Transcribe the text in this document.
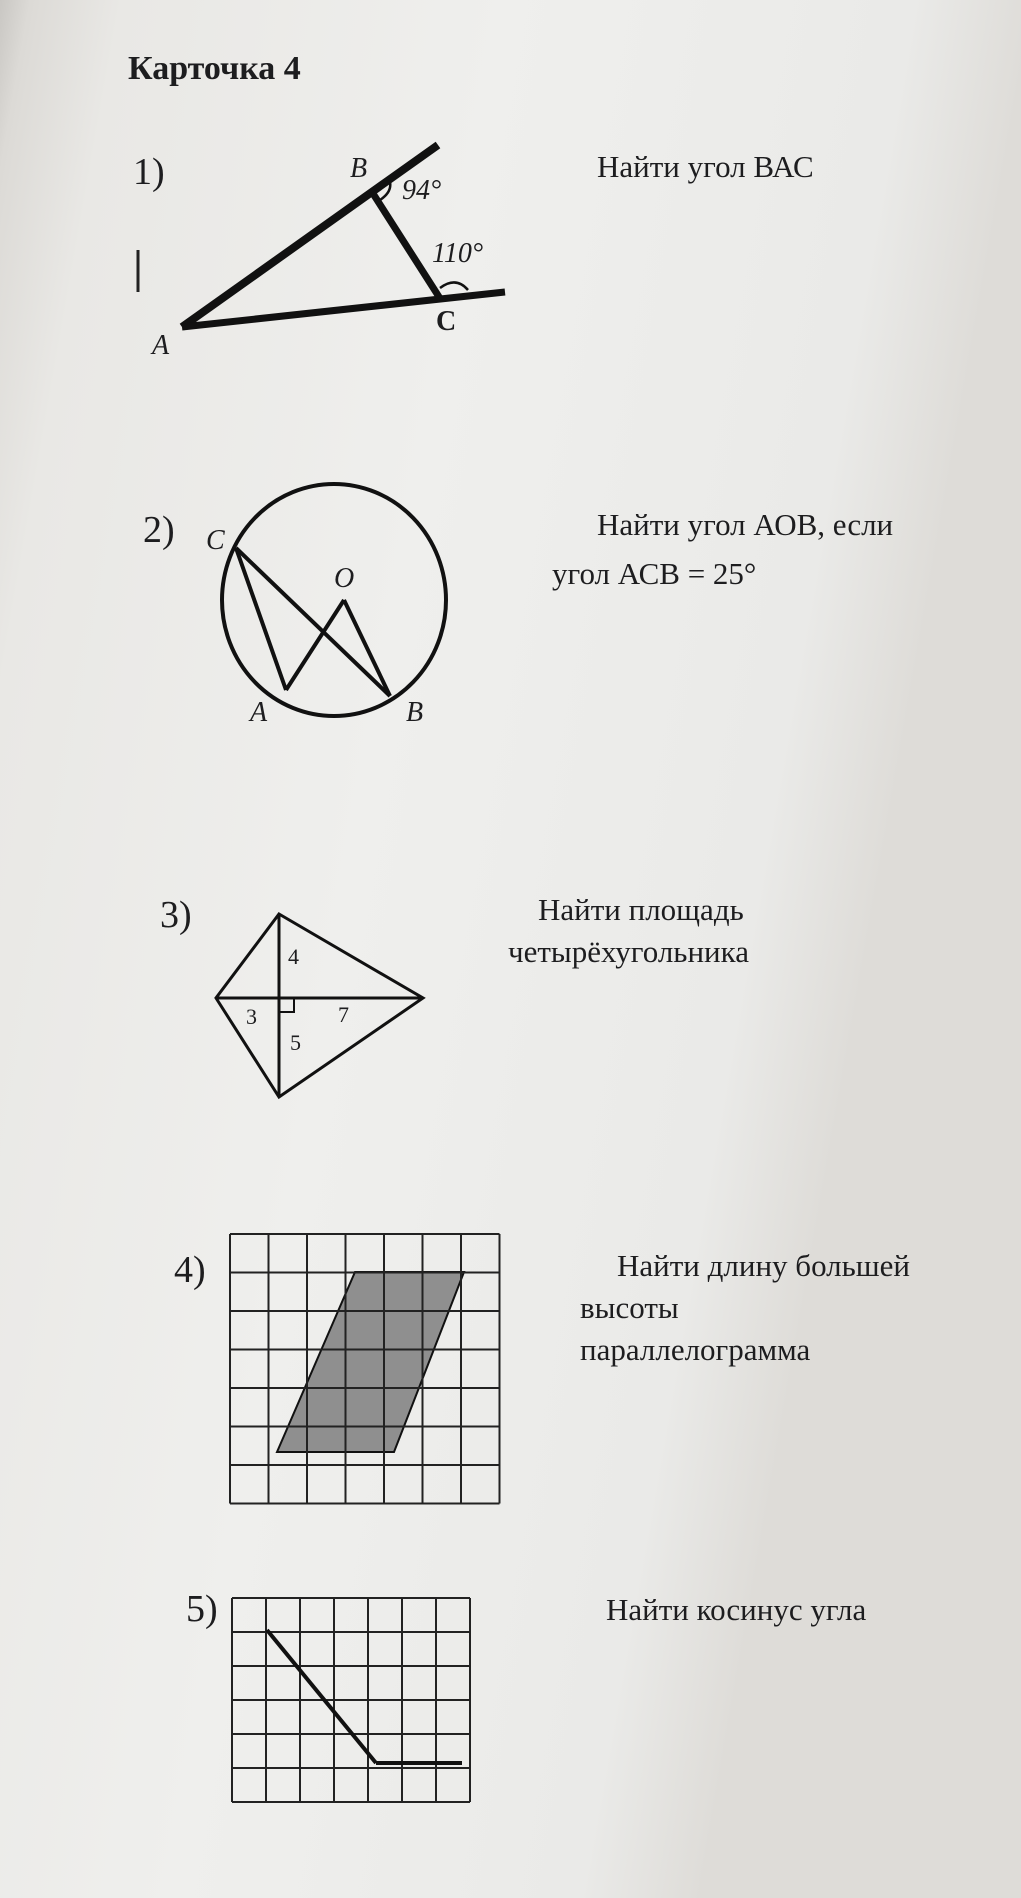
Карточка 4
1)	Найти угол ВАС
B
94°
110°
C
A
2)	Найти угол АОВ, если
угол АСВ = 25°
C
O
A	B
3)	Найти площадь
четырёхугольника
4
3	7
5
4)	Найти длину большей
высоты
параллелограмма
5)	Найти косинус угла
